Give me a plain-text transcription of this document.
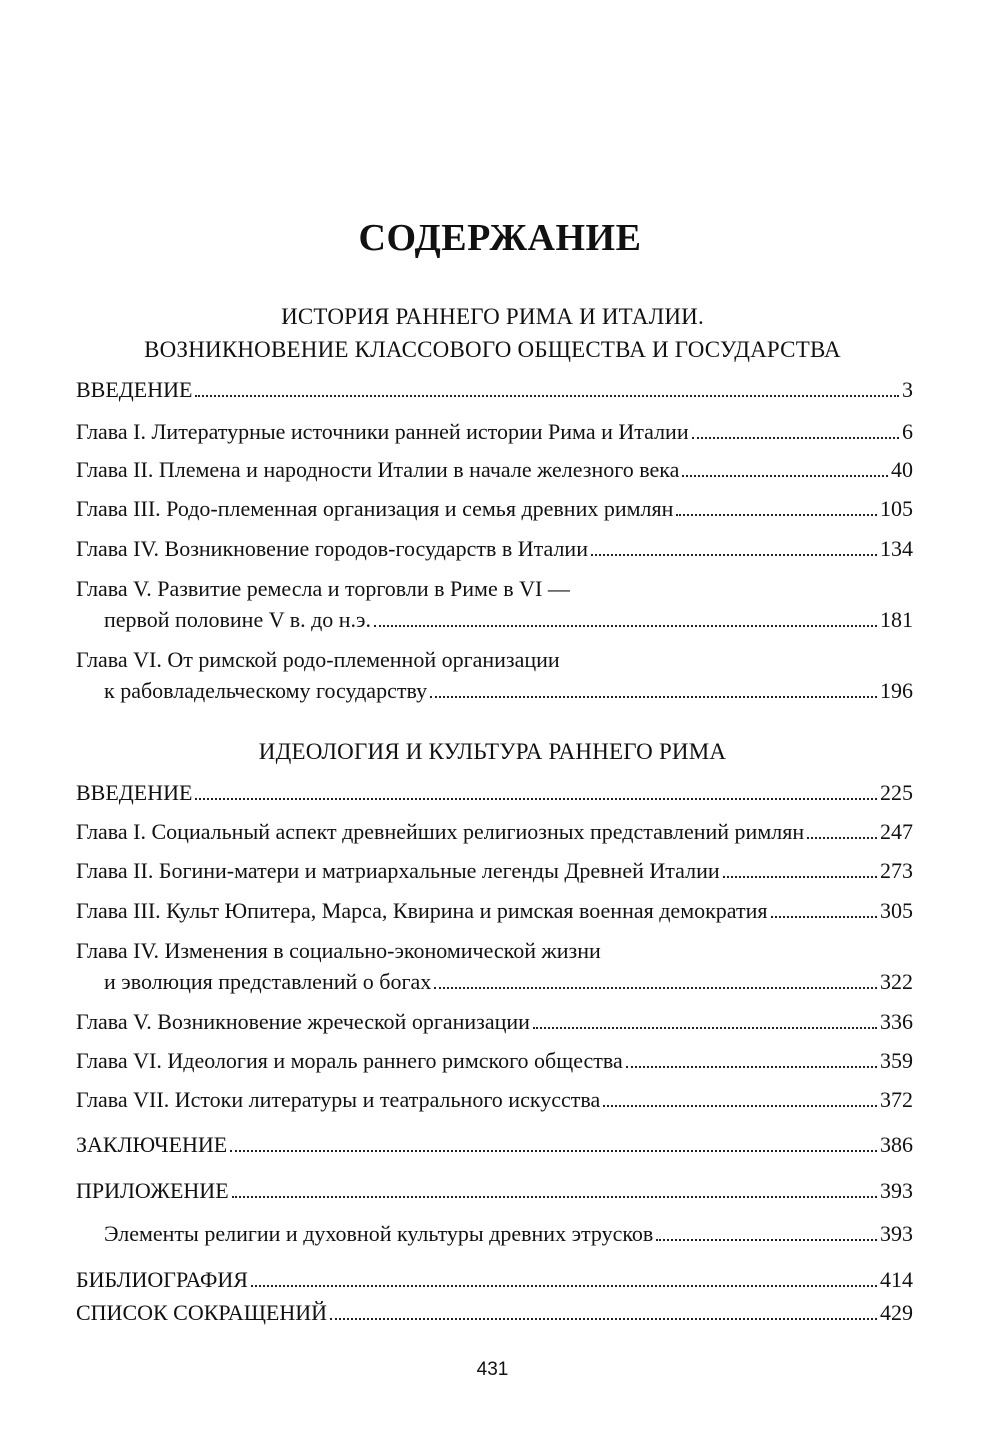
СОДЕРЖАНИЕ
ИСТОРИЯ РАННЕГО РИМА И ИТАЛИИ.
ВОЗНИКНОВЕНИЕ КЛАССОВОГО ОБЩЕСТВА И ГОСУДАРСТВА
ВВЕДЕНИЕ	3
Глава I. Литературные источники ранней истории Рима и Италии	6
Глава II. Племена и народности Италии в начале железного века	40
Глава III. Родо-племенная организация и семья древних римлян	105
Глава IV. Возникновение городов-государств в Италии	134
Глава V. Развитие ремесла и торговли в Риме в VI —
первой половине V в. до н.э.	181
Глава VI. От римской родо-племенной организации
к рабовладельческому государству	196
ИДЕОЛОГИЯ И КУЛЬТУРА РАННЕГО РИМА
ВВЕДЕНИЕ	225
Глава I. Социальный аспект древнейших религиозных представлений римлян	247
Глава II. Богини-матери и матриархальные легенды Древней Италии	273
Глава III. Культ Юпитера, Марса, Квирина и римская военная демократия	305
Глава IV. Изменения в социально-экономической жизни
и эволюция представлений о богах	322
Глава V. Возникновение жреческой организации	336
Глава VI. Идеология и мораль раннего римского общества	359
Глава VII. Истоки литературы и театрального искусства	372
ЗАКЛЮЧЕНИЕ	386
ПРИЛОЖЕНИЕ	393
Элементы религии и духовной культуры древних этрусков	393
БИБЛИОГРАФИЯ	414
СПИСОК СОКРАЩЕНИЙ	429
431
